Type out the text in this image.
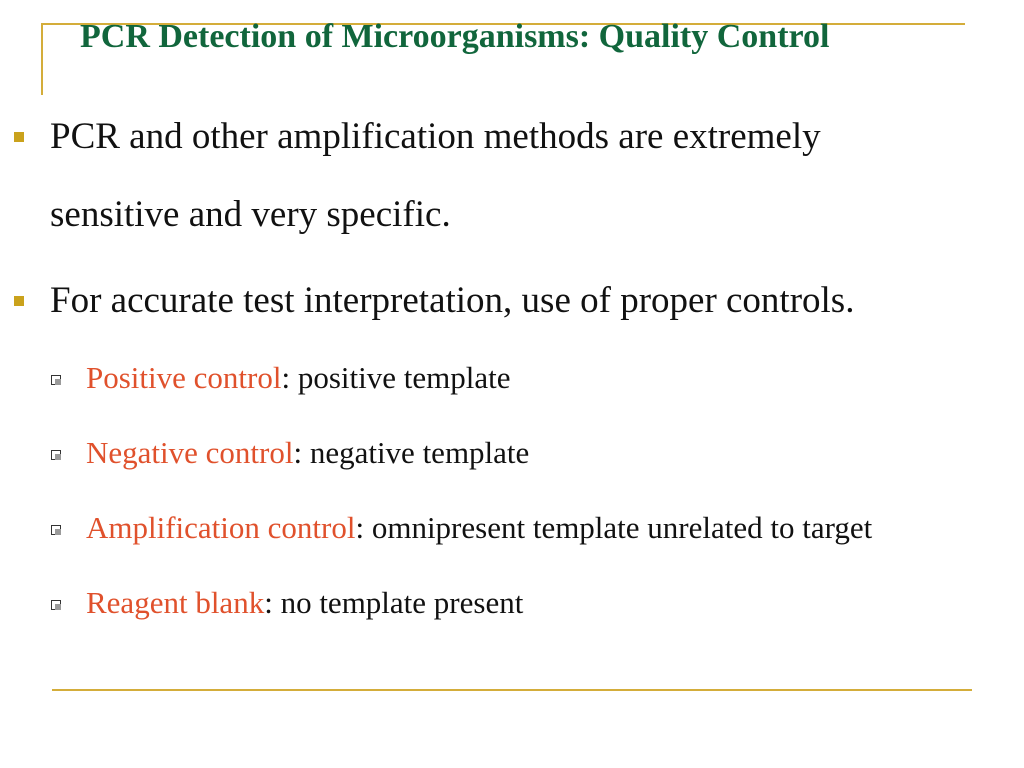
PCR Detection of Microorganisms: Quality Control
PCR and other amplification methods are extremely
sensitive and very specific.
For accurate test interpretation, use of proper controls.
Positive control: positive template
Negative control: negative template
Amplification control: omnipresent template unrelated to target
Reagent blank: no template present
